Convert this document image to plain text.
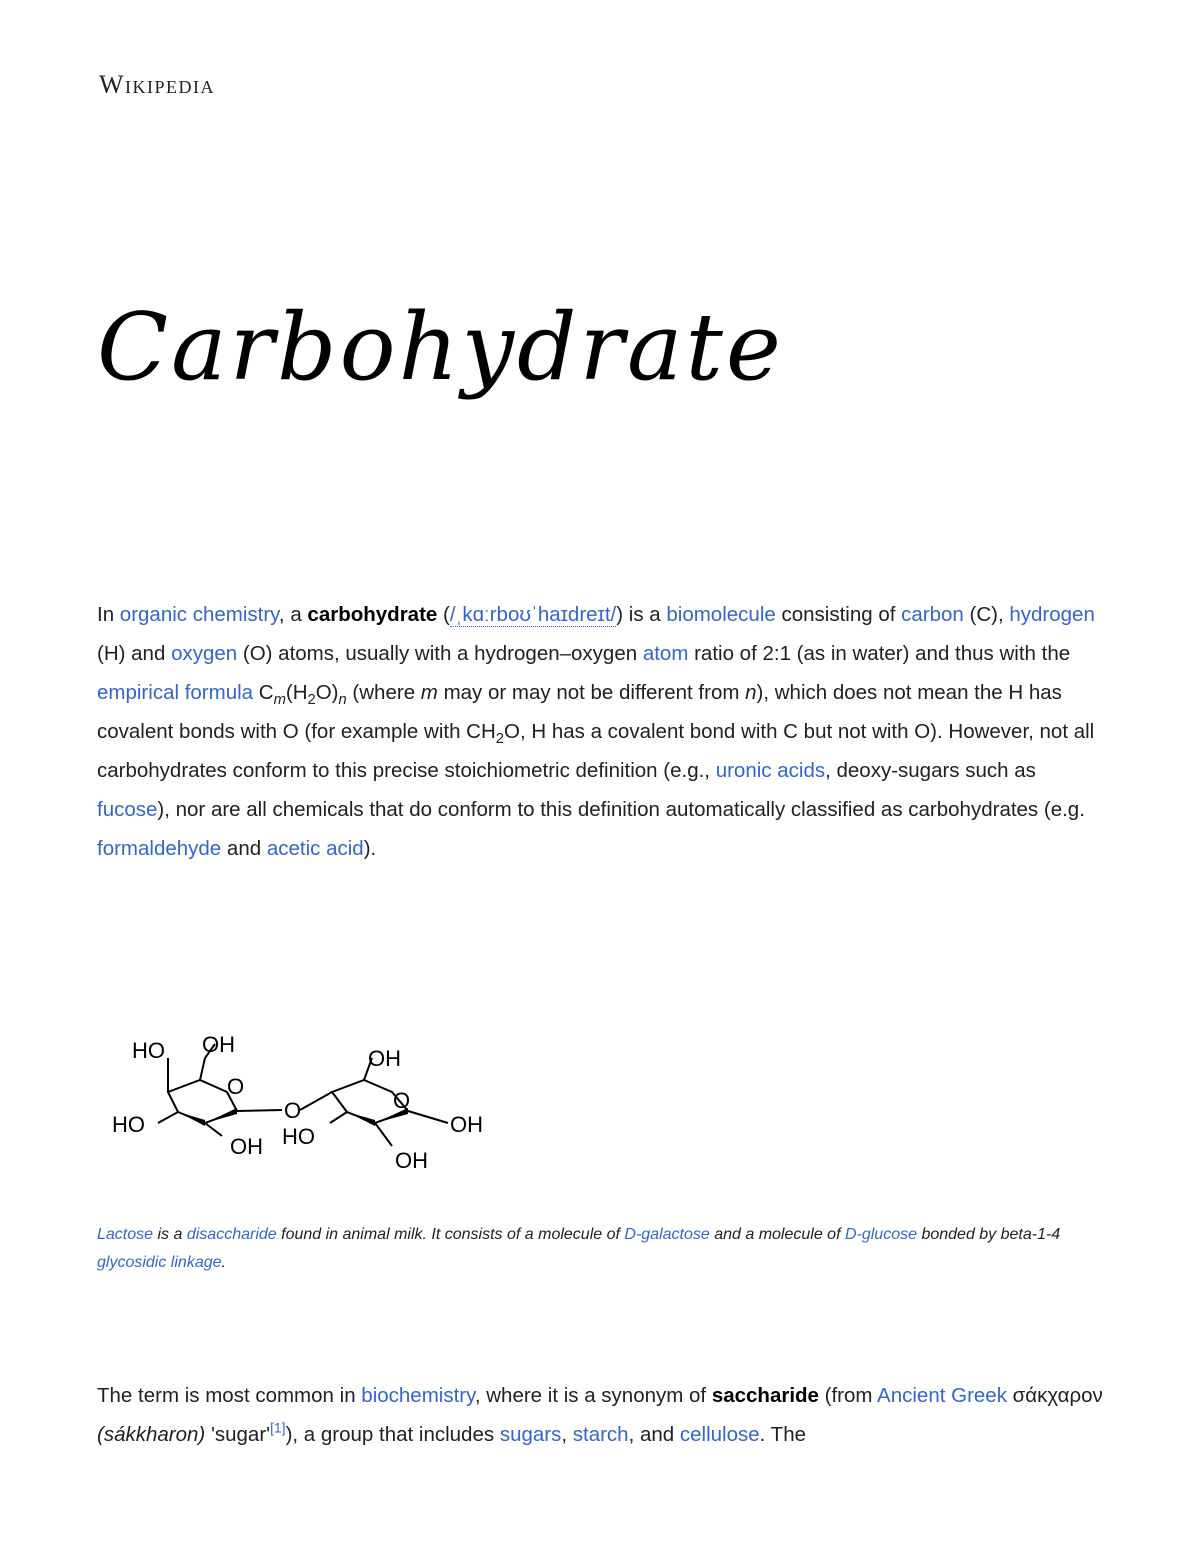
Wikipedia
Carbohydrate

In organic chemistry, a carbohydrate (/ˌkɑːrboʊˈhaɪdreɪt/) is a biomolecule consisting of carbon (C), hydrogen (H) and oxygen (O) atoms, usually with a hydrogen–oxygen atom ratio of 2:1 (as in water) and thus with the empirical formula $C_m(H_2O)_n$ (where m may or may not be different from n), which does not mean the H has covalent bonds with O (for example with $CH_2O$, H has a covalent bond with C but not with O). However, not all carbohydrates conform to this precise stoichiometric definition (e.g., uronic acids, deoxy-sugars such as fucose), nor are all chemicals that do conform to this definition automatically classified as carbohydrates (e.g. formaldehyde and acetic acid).

HO OH
O
HO
OH
O
OH
O
HO	OH
OH
Lactose is a disaccharide found in animal milk. It consists of a molecule of D-galactose and a molecule of D-glucose bonded by beta-1-4 glycosidic linkage.

The term is most common in biochemistry, where it is a synonym of saccharide (from Ancient Greek σάκχαρον (sákkharon) 'sugar'[1]), a group that includes sugars, starch, and cellulose. The
